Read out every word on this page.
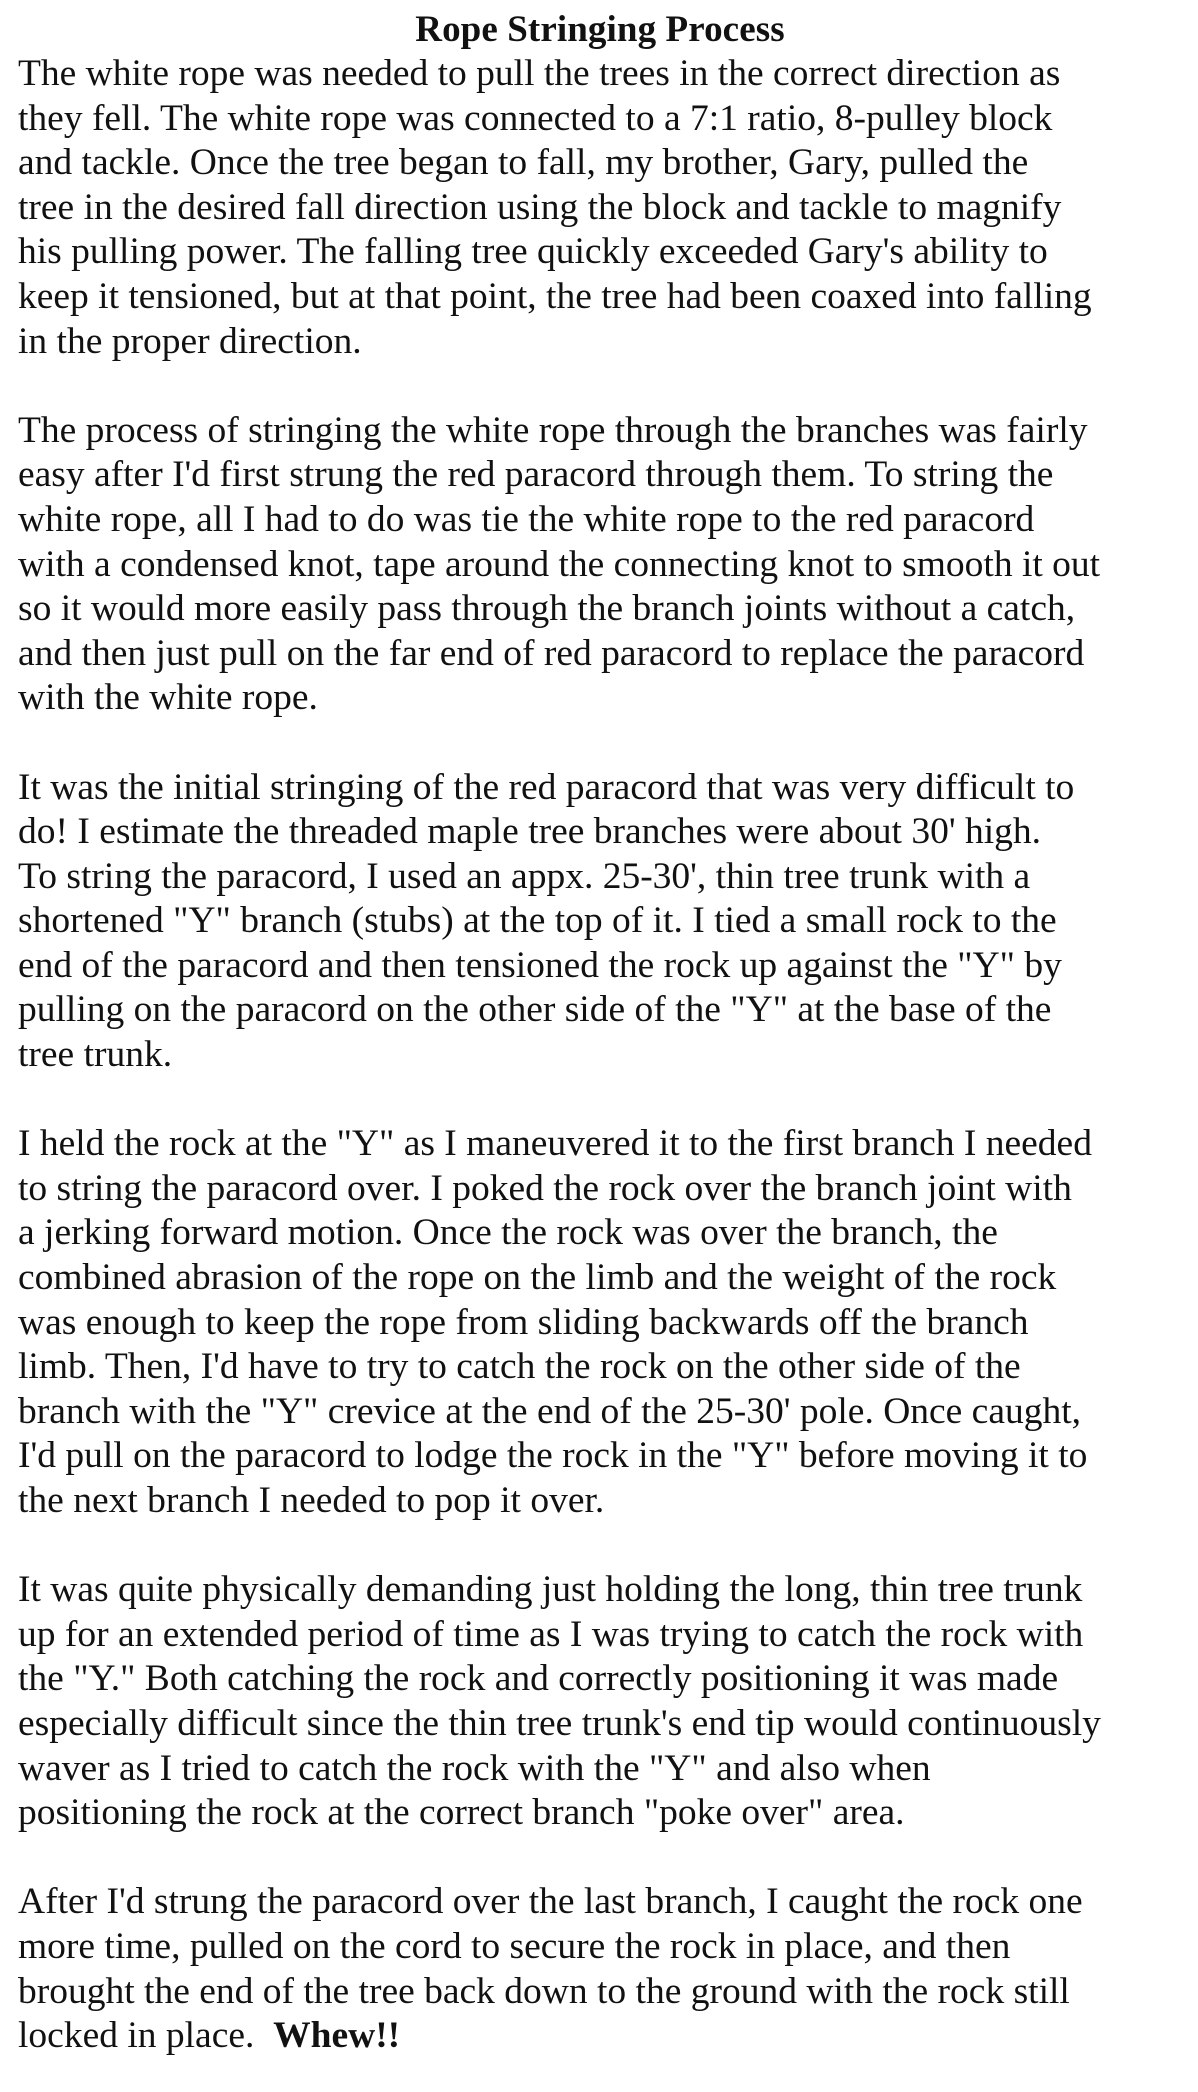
Rope Stringing Process
The white rope was needed to pull the trees in the correct direction as
they fell. The white rope was connected to a 7:1 ratio, 8-pulley block
and tackle. Once the tree began to fall, my brother, Gary, pulled the
tree in the desired fall direction using the block and tackle to magnify
his pulling power. The falling tree quickly exceeded Gary's ability to
keep it tensioned, but at that point, the tree had been coaxed into falling
in the proper direction.
The process of stringing the white rope through the branches was fairly
easy after I'd first strung the red paracord through them. To string the
white rope, all I had to do was tie the white rope to the red paracord
with a condensed knot, tape around the connecting knot to smooth it out
so it would more easily pass through the branch joints without a catch,
and then just pull on the far end of red paracord to replace the paracord
with the white rope.
It was the initial stringing of the red paracord that was very difficult to
do! I estimate the threaded maple tree branches were about 30' high.
To string the paracord, I used an appx. 25-30', thin tree trunk with a
shortened "Y" branch (stubs) at the top of it. I tied a small rock to the
end of the paracord and then tensioned the rock up against the "Y" by
pulling on the paracord on the other side of the "Y" at the base of the
tree trunk.
I held the rock at the "Y" as I maneuvered it to the first branch I needed
to string the paracord over. I poked the rock over the branch joint with
a jerking forward motion. Once the rock was over the branch, the
combined abrasion of the rope on the limb and the weight of the rock
was enough to keep the rope from sliding backwards off the branch
limb. Then, I'd have to try to catch the rock on the other side of the
branch with the "Y" crevice at the end of the 25-30' pole. Once caught,
I'd pull on the paracord to lodge the rock in the "Y" before moving it to
the next branch I needed to pop it over.
It was quite physically demanding just holding the long, thin tree trunk
up for an extended period of time as I was trying to catch the rock with
the "Y." Both catching the rock and correctly positioning it was made
especially difficult since the thin tree trunk's end tip would continuously
waver as I tried to catch the rock with the "Y" and also when
positioning the rock at the correct branch "poke over" area.
After I'd strung the paracord over the last branch, I caught the rock one
more time, pulled on the cord to secure the rock in place, and then
brought the end of the tree back down to the ground with the rock still
locked in place.  Whew!!
